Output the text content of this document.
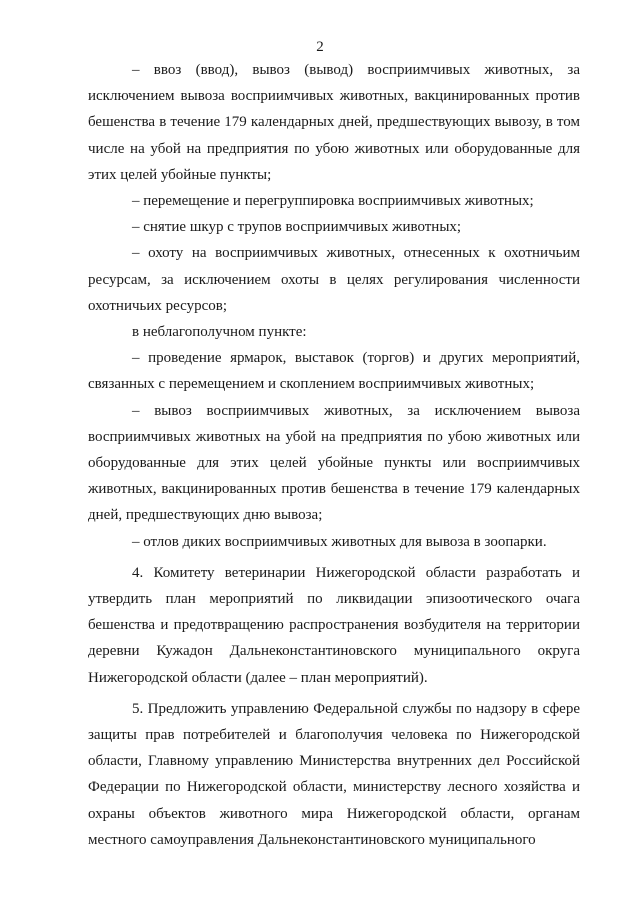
2

– ввоз (ввод), вывоз (вывод) восприимчивых животных, за исключением вывоза восприимчивых животных, вакцинированных против бешенства в течение 179 календарных дней, предшествующих вывозу, в том числе на убой на предприятия по убою животных или оборудованные для этих целей убойные пункты;

– перемещение и перегруппировка восприимчивых животных;

– снятие шкур с трупов восприимчивых животных;

– охоту на восприимчивых животных, отнесенных к охотничьим ресурсам, за исключением охоты в целях регулирования численности охотничьих ресурсов;

в неблагополучном пункте:

– проведение ярмарок, выставок (торгов) и других мероприятий, связанных с перемещением и скоплением восприимчивых животных;

– вывоз восприимчивых животных, за исключением вывоза восприимчивых животных на убой на предприятия по убою животных или оборудованные для этих целей убойные пункты или восприимчивых животных, вакцинированных против бешенства в течение 179 календарных дней, предшествующих дню вывоза;

– отлов диких восприимчивых животных для вывоза в зоопарки.

4. Комитету ветеринарии Нижегородской области разработать и утвердить план мероприятий по ликвидации эпизоотического очага бешенства и предотвращению распространения возбудителя на территории деревни Кужадон Дальнеконстантиновского муниципального округа Нижегородской области (далее – план мероприятий).

5. Предложить управлению Федеральной службы по надзору в сфере защиты прав потребителей и благополучия человека по Нижегородской области, Главному управлению Министерства внутренних дел Российской Федерации по Нижегородской области, министерству лесного хозяйства и охраны объектов животного мира Нижегородской области, органам местного самоуправления Дальнеконстантиновского муниципального
